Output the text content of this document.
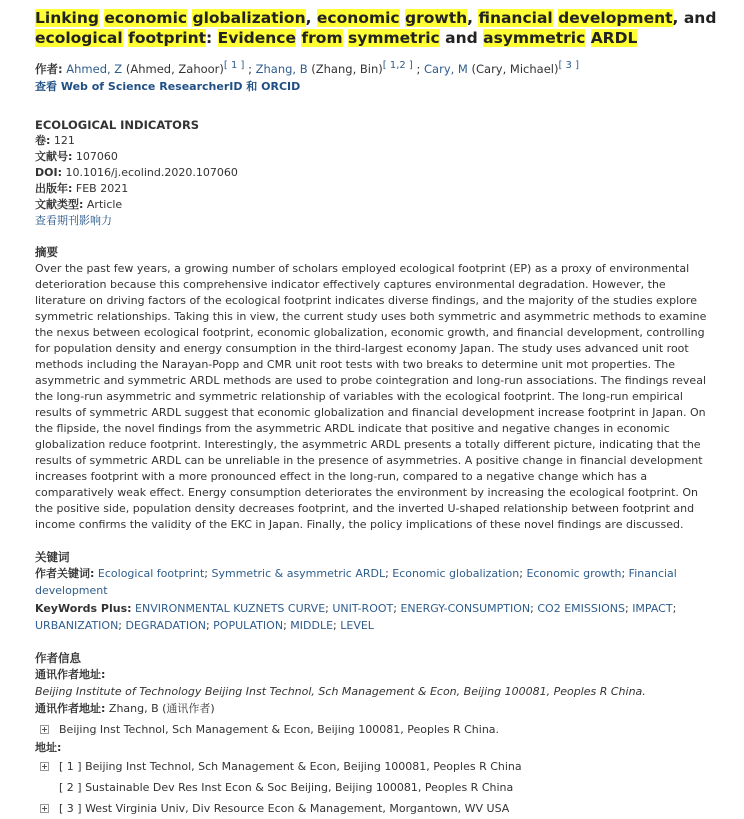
Linking economic globalization, economic growth, financial development, and ecological footprint: Evidence from symmetric and asymmetric ARDL
作者: Ahmed, Z (Ahmed, Zahoor)[ 1 ] ; Zhang, B (Zhang, Bin)[ 1,2 ] ; Cary, M (Cary, Michael)[ 3 ]
查看 Web of Science ResearcherID 和 ORCID
ECOLOGICAL INDICATORS
卷: 121
文献号: 107060
DOI: 10.1016/j.ecolind.2020.107060
出版年: FEB 2021
文献类型: Article
查看期刊影响力
摘要
Over the past few years, a growing number of scholars employed ecological footprint (EP) as a proxy of environmental deterioration because this comprehensive indicator effectively captures environmental degradation. However, the literature on driving factors of the ecological footprint indicates diverse findings, and the majority of the studies explore symmetric relationships. Taking this in view, the current study uses both symmetric and asymmetric methods to examine the nexus between ecological footprint, economic globalization, economic growth, and financial development, controlling for population density and energy consumption in the third-largest economy Japan. The study uses advanced unit root methods including the Narayan-Popp and CMR unit root tests with two breaks to determine unit mot properties. The asymmetric and symmetric ARDL methods are used to probe cointegration and long-run associations. The findings reveal the long-run asymmetric and symmetric relationship of variables with the ecological footprint. The long-run empirical results of symmetric ARDL suggest that economic globalization and financial development increase footprint in Japan. On the flipside, the novel findings from the asymmetric ARDL indicate that positive and negative changes in economic globalization reduce footprint. Interestingly, the asymmetric ARDL presents a totally different picture, indicating that the results of symmetric ARDL can be unreliable in the presence of asymmetries. A positive change in financial development increases footprint with a more pronounced effect in the long-run, compared to a negative change which has a comparatively weak effect. Energy consumption deteriorates the environment by increasing the ecological footprint. On the positive side, population density decreases footprint, and the inverted U-shaped relationship between footprint and income confirms the validity of the EKC in Japan. Finally, the policy implications of these novel findings are discussed.
关键词
作者关键词: Ecological footprint; Symmetric & asymmetric ARDL; Economic globalization; Economic growth; Financial development
KeyWords Plus: ENVIRONMENTAL KUZNETS CURVE; UNIT-ROOT; ENERGY-CONSUMPTION; CO2 EMISSIONS; IMPACT; URBANIZATION; DEGRADATION; POPULATION; MIDDLE; LEVEL
作者信息
通讯作者地址:
Beijing Institute of Technology Beijing Inst Technol, Sch Management & Econ, Beijing 100081, Peoples R China.
通讯作者地址: Zhang, B (通讯作者)
Beijing Inst Technol, Sch Management & Econ, Beijing 100081, Peoples R China.
地址:
[ 1 ] Beijing Inst Technol, Sch Management & Econ, Beijing 100081, Peoples R China
[ 2 ] Sustainable Dev Res Inst Econ & Soc Beijing, Beijing 100081, Peoples R China
[ 3 ] West Virginia Univ, Div Resource Econ & Management, Morgantown, WV USA
